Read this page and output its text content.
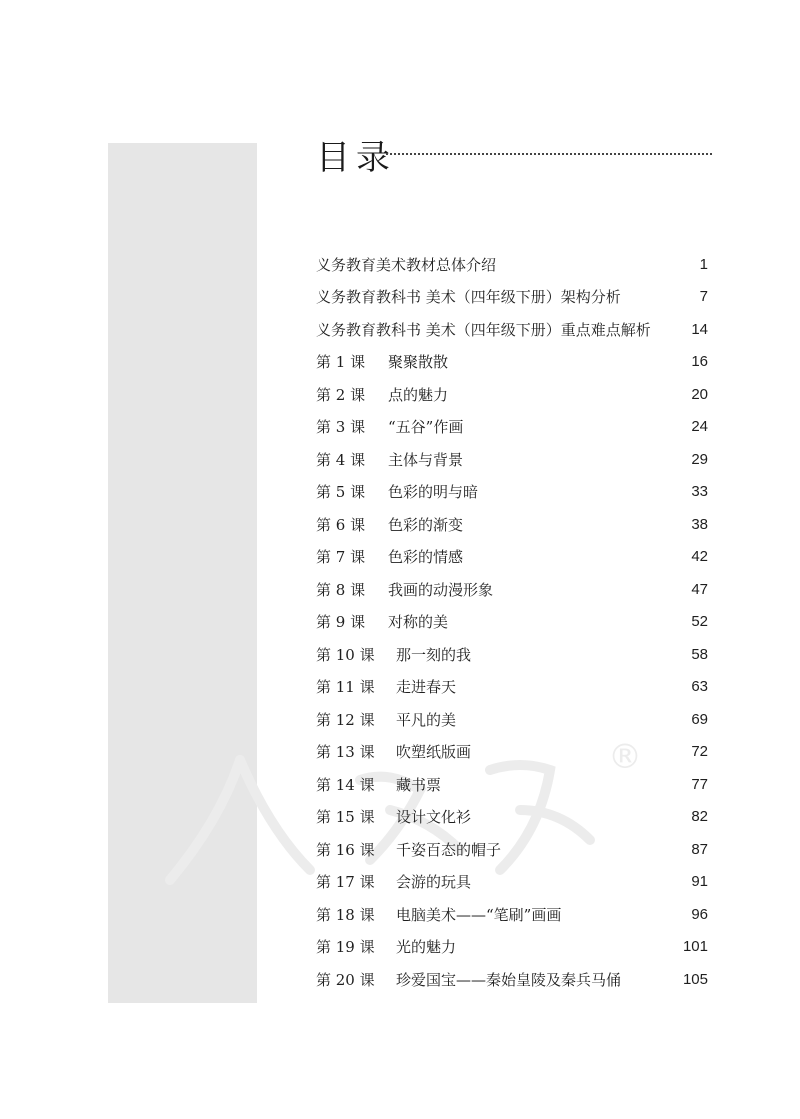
目录
®
义务教育美术教材总体介绍	1
义务教育教科书 美术（四年级下册）架构分析	7
义务教育教科书 美术（四年级下册）重点难点解析	14
第 1 课 聚聚散散	16
第 2 课 点的魅力	20
第 3 课 “五谷”作画	24
第 4 课 主体与背景	29
第 5 课 色彩的明与暗	33
第 6 课 色彩的渐变	38
第 7 课 色彩的情感	42
第 8 课 我画的动漫形象	47
第 9 课 对称的美	52
第 10 课 那一刻的我	58
第 11 课 走进春天	63
第 12 课 平凡的美	69
第 13 课 吹塑纸版画	72
第 14 课 藏书票	77
第 15 课 设计文化衫	82
第 16 课 千姿百态的帽子	87
第 17 课 会游的玩具	91
第 18 课 电脑美术——“笔刷”画画	96
第 19 课 光的魅力	101
第 20 课 珍爱国宝——秦始皇陵及秦兵马俑	105
